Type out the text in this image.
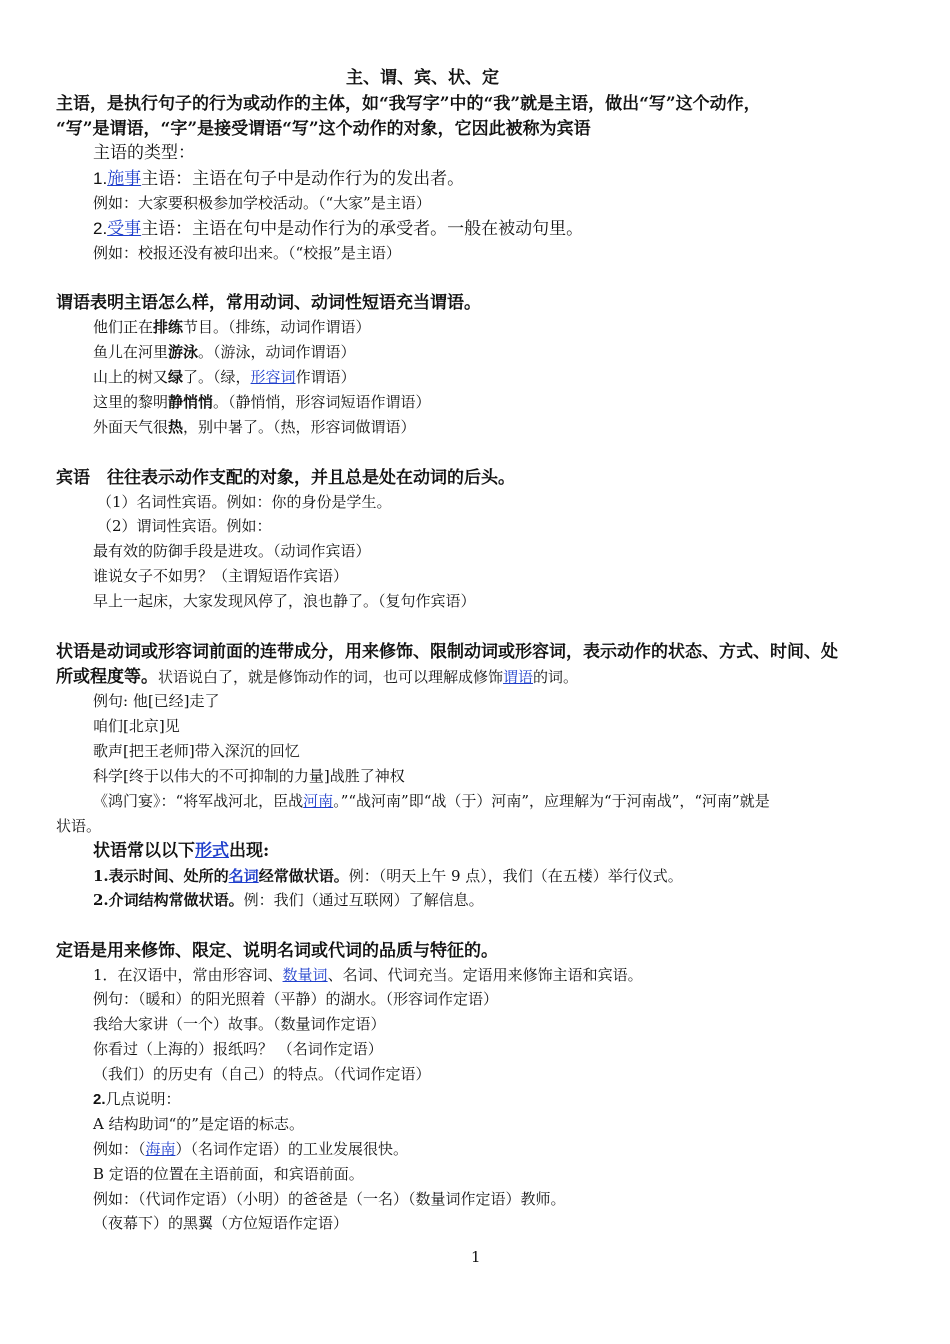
主、谓、宾、状、定
主语，是执行句子的行为或动作的主体，如“我写字”中的“我”就是主语，做出“写”这个动作，
“写”是谓语，“字”是接受谓语“写”这个动作的对象，它因此被称为宾语
主语的类型：
1.施事主语：主语在句子中是动作行为的发出者。
例如：大家要积极参加学校活动。（“大家”是主语）
2.受事主语：主语在句中是动作行为的承受者。一般在被动句里。
例如：校报还没有被印出来。（“校报”是主语）
谓语表明主语怎么样，常用动词、动词性短语充当谓语。
他们正在排练节目。（排练，动词作谓语）
鱼儿在河里游泳。（游泳，动词作谓语）
山上的树又绿了。（绿，形容词作谓语）
这里的黎明静悄悄。（静悄悄，形容词短语作谓语）
外面天气很热，别中暑了。（热，形容词做谓语）
宾语　往往表示动作支配的对象，并且总是处在动词的后头。
（1）名词性宾语。例如：你的身份是学生。
（2）谓词性宾语。例如：
最有效的防御手段是进攻。（动词作宾语）
谁说女子不如男？（主谓短语作宾语）
早上一起床，大家发现风停了，浪也静了。（复句作宾语）
状语是动词或形容词前面的连带成分，用来修饰、限制动词或形容词，表示动作的状态、方式、时间、处
所或程度等。状语说白了，就是修饰动作的词，也可以理解成修饰谓语的词。
例句: 他[已经]走了
咱们[北京]见
歌声[把王老师]带入深沉的回忆
科学[终于以伟大的不可抑制的力量]战胜了神权
《鸿门宴》：“将军战河北，臣战河南。”“战河南”即“战（于）河南”，应理解为“于河南战”，“河南”就是
状语。
状语常以以下形式出现:
1.表示时间、处所的名词经常做状语。例：（明天上午 9 点），我们（在五楼）举行仪式。
2.介词结构常做状语。例：我们（通过互联网）了解信息。
定语是用来修饰、限定、说明名词或代词的品质与特征的。
1．在汉语中，常由形容词、数量词、名词、代词充当。定语用来修饰主语和宾语。
例句：（暖和）的阳光照着（平静）的湖水。（形容词作定语）
我给大家讲（一个）故事。（数量词作定语）
你看过（上海的）报纸吗？ （名词作定语）
（我们）的历史有（自己）的特点。（代词作定语）
2.几点说明：
A 结构助词“的”是定语的标志。
例如：（海南）（名词作定语）的工业发展很快。
B 定语的位置在主语前面，和宾语前面。
例如：（代词作定语）（小明）的爸爸是（一名）（数量词作定语）教师。
（夜幕下）的黑翼（方位短语作定语）
1
